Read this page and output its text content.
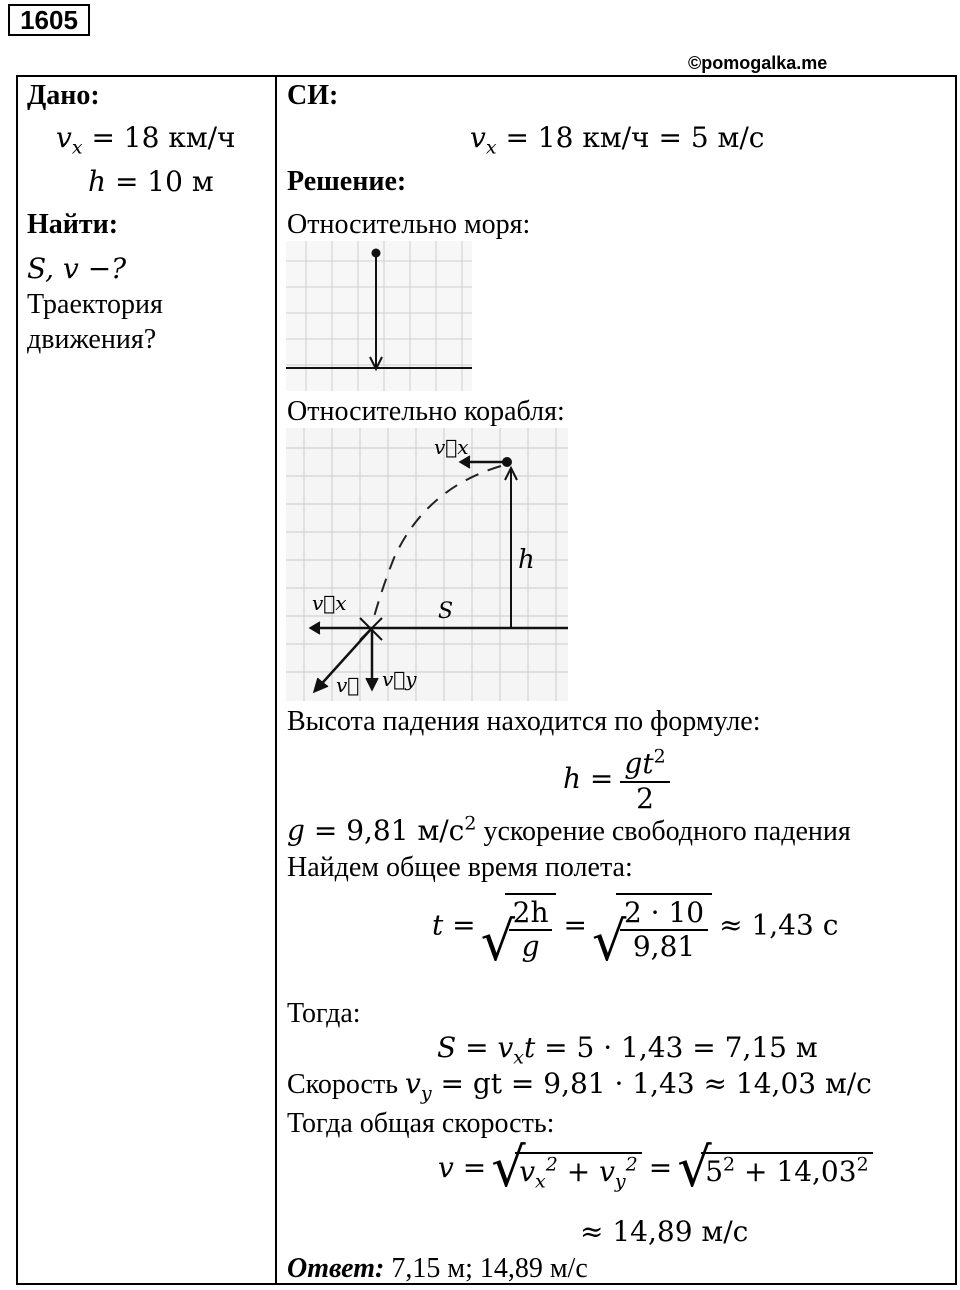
1605
©pomogalka.me
Дано:
$v_x = 18$ км/ч
h = 10 м
Найти:
S, v −?
Траектория
движения?
СИ:
$v_x = 18$ км/ч = 5 м/с
Решение:
Относительно моря:
Относительно корабля:
v⃗x
h
S
v⃗x
v⃗y
v⃗
Высота падения находится по формуле:
$h = \frac{gt^2}{2}$
g = 9,81 $м/с^2$ ускорение свободного падения
Найдем общее время полета:
t = √ $\frac{2h}{g}$ = √ $\frac{2 \cdot 10}{9,81} \approx 1,43$ с
Тогда:
$S = v_xt = 5 \cdot 1,43 = 7,15$ м
Скорость $v_y$ = gt = 9,81 · 1,43 ≈ 14,03 м/с
Тогда общая скорость:
v = √ $v_x^2 + v_y^2$ = √ $5^2 + 14,03^2$
≈ 14,89 м/с
Ответ: 7,15 м; 14,89 м/с
